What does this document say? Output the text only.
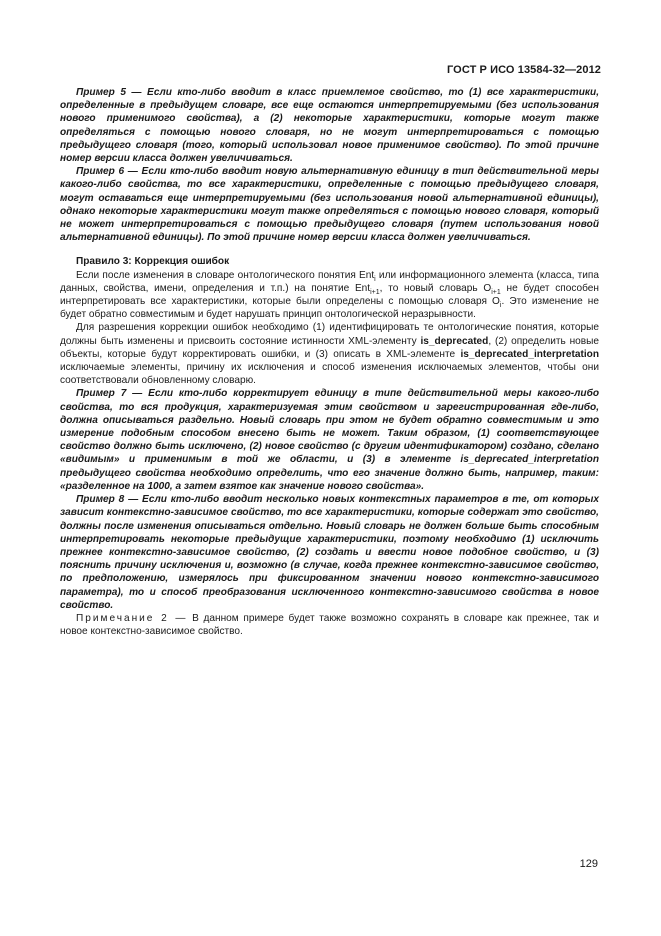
ГОСТ Р ИСО 13584-32—2012

Пример 5 — Если кто-либо вводит в класс приемлемое свойство, то (1) все характеристики, определенные в предыдущем словаре, все еще остаются интерпретируемыми (без использования нового применимого свойства), а (2) некоторые характеристики, которые могут также определяться с помощью нового словаря, но не могут интерпретироваться с помощью предыдущего словаря (того, который использовал новое применимое свойство). По этой причине номер версии класса должен увеличиваться.

Пример 6 — Если кто-либо вводит новую альтернативную единицу в тип действительной меры какого-либо свойства, то все характеристики, определенные с помощью предыдущего словаря, могут оставаться еще интерпретируемыми (без использования новой альтернативной единицы), однако некоторые характеристики могут также определяться с помощью нового словаря, который не может интерпретироваться с помощью предыдущего словаря (путем использования новой альтернативной единицы). По этой причине номер версии класса должен увеличиваться.

Правило 3: Коррекция ошибок

Если после изменения в словаре онтологического понятия Ent$_i$ или информационного элемента (класса, типа данных, свойства, имени, определения и т.п.) на понятие Ent$_{i+1}$, то новый словарь $O_{i+1}$ не будет способен интерпретировать все характеристики, которые были определены с помощью словаря $O_i$. Это изменение не будет обратно совместимым и будет нарушать принцип онтологической неразрывности.

Для разрешения коррекции ошибок необходимо (1) идентифицировать те онтологические понятия, которые должны быть изменены и присвоить состояние истинности XML-элементу is_deprecated, (2) определить новые объекты, которые будут корректировать ошибки, и (3) описать в XML-элементе is_deprecated_interpretation исключаемые элементы, причину их исключения и способ изменения исключаемых элементов, чтобы они соответствовали обновленному словарю.

Пример 7 — Если кто-либо корректирует единицу в типе действительной меры какого-либо свойства, то вся продукция, характеризуемая этим свойством и зарегистрированная где-либо, должна описываться раздельно. Новый словарь при этом не будет обратно совместимым и это измерение подобным способом внесено быть не может. Таким образом, (1) соответствующее свойство должно быть исключено, (2) новое свойство (с другим идентификатором) создано, сделано «видимым» и применимым в той же области, и (3) в элементе is_deprecated_interpretation предыдущего свойства необходимо определить, что его значение должно быть, например, таким: «разделенное на 1000, а затем взятое как значение нового свойства».

Пример 8 — Если кто-либо вводит несколько новых контекстных параметров в те, от которых зависит контекстно-зависимое свойство, то все характеристики, которые содержат это свойство, должны после изменения описываться отдельно. Новый словарь не должен больше быть способным интерпретировать некоторые предыдущие характеристики, поэтому необходимо (1) исключить прежнее контекстно-зависимое свойство, (2) создать и ввести новое подобное свойство, и (3) пояснить причину исключения и, возможно (в случае, когда прежнее контекстно-зависимое свойство, по предположению, измерялось при фиксированном значении нового контекстно-зависимого параметра), то и способ преобразования исключенного контекстно-зависимого свойства в новое свойство.

Примечание 2 — В данном примере будет также возможно сохранять в словаре как прежнее, так и новое контекстно-зависимое свойство.

129
